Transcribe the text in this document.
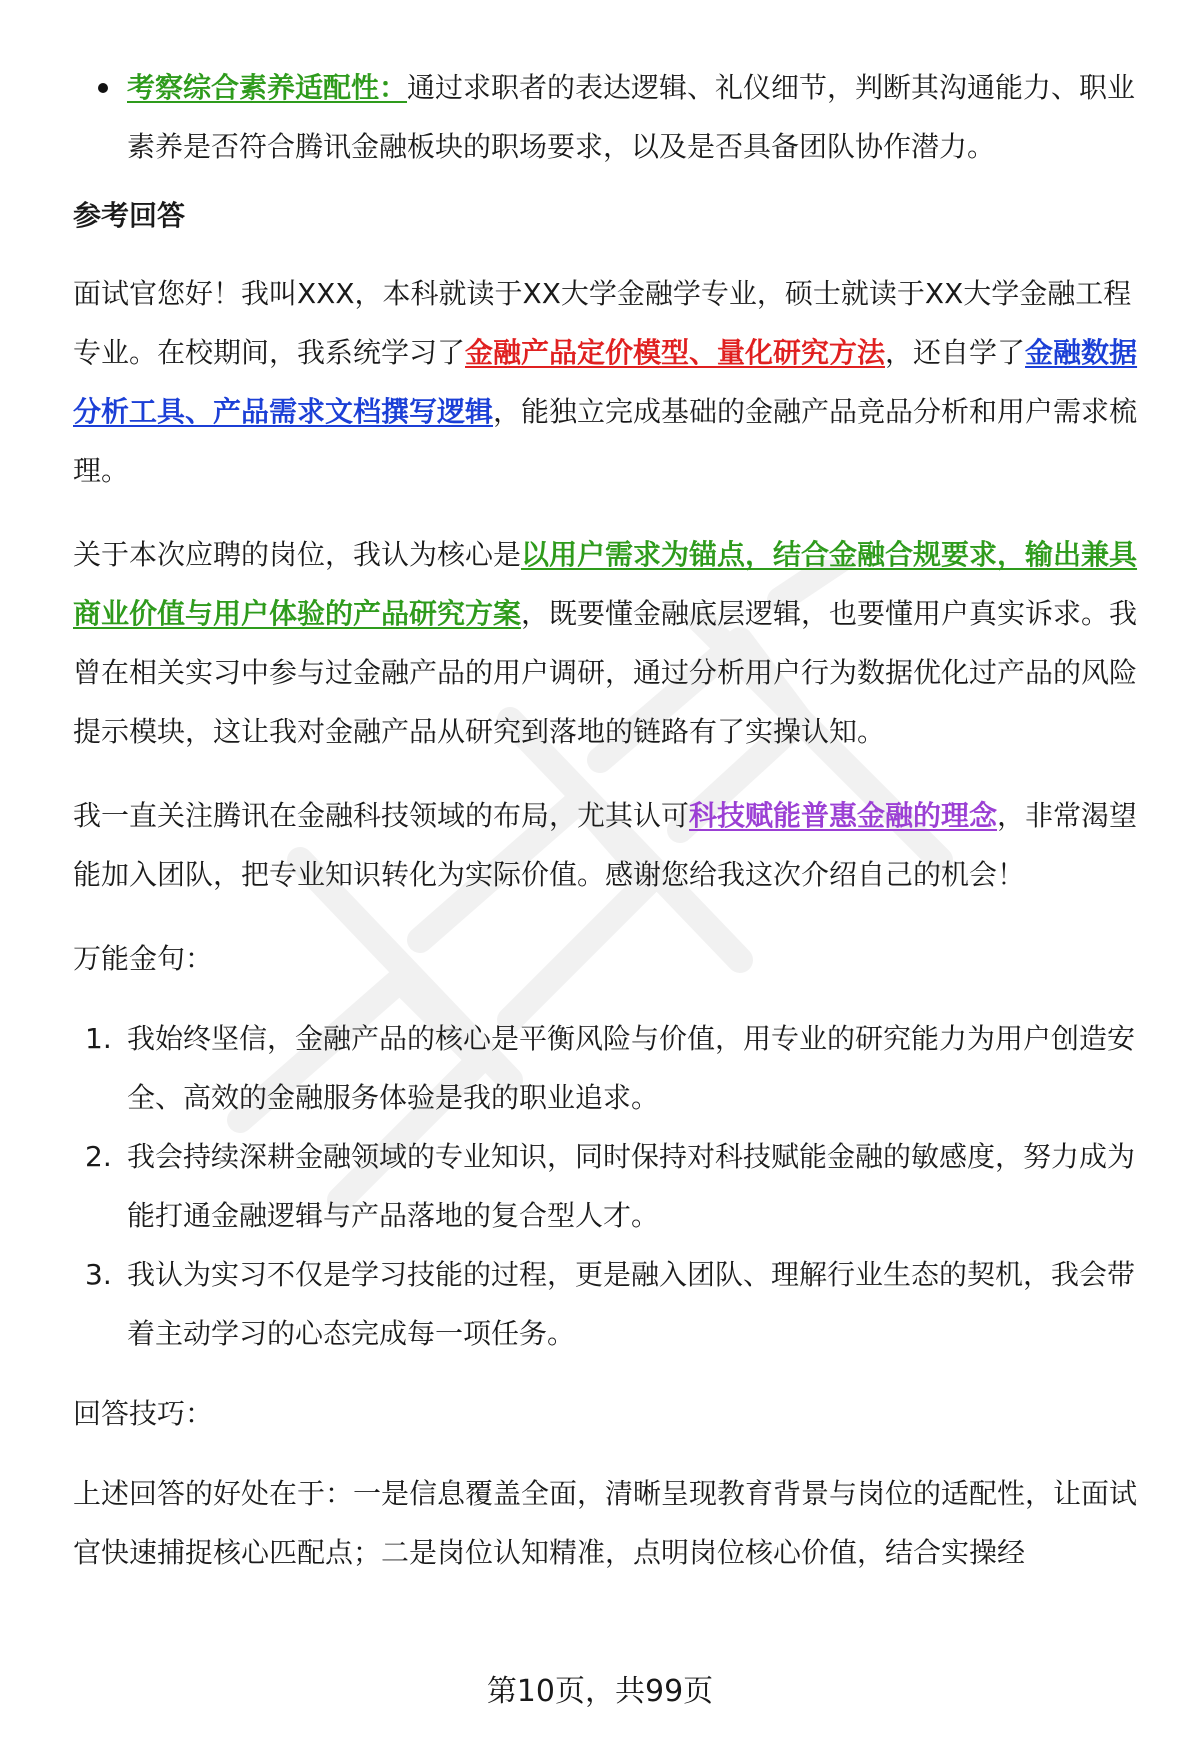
考察综合素养适配性：通过求职者的表达逻辑、礼仪细节，判断其沟通能力、职业素养是否符合腾讯金融板块的职场要求，以及是否具备团队协作潜力。

参考回答

面试官您好！我叫XXX，本科就读于XX大学金融学专业，硕士就读于XX大学金融工程专业。在校期间，我系统学习了金融产品定价模型、量化研究方法，还自学了金融数据分析工具、产品需求文档撰写逻辑，能独立完成基础的金融产品竞品分析和用户需求梳理。

关于本次应聘的岗位，我认为核心是以用户需求为锚点，结合金融合规要求，输出兼具商业价值与用户体验的产品研究方案，既要懂金融底层逻辑，也要懂用户真实诉求。我曾在相关实习中参与过金融产品的用户调研，通过分析用户行为数据优化过产品的风险提示模块，这让我对金融产品从研究到落地的链路有了实操认知。

我一直关注腾讯在金融科技领域的布局，尤其认可科技赋能普惠金融的理念，非常渴望能加入团队，把专业知识转化为实际价值。感谢您给我这次介绍自己的机会！

万能金句：

1. 我始终坚信，金融产品的核心是平衡风险与价值，用专业的研究能力为用户创造安全、高效的金融服务体验是我的职业追求。

2. 我会持续深耕金融领域的专业知识，同时保持对科技赋能金融的敏感度，努力成为能打通金融逻辑与产品落地的复合型人才。

3. 我认为实习不仅是学习技能的过程，更是融入团队、理解行业生态的契机，我会带着主动学习的心态完成每一项任务。

回答技巧：

上述回答的好处在于：一是信息覆盖全面，清晰呈现教育背景与岗位的适配性，让面试官快速捕捉核心匹配点；二是岗位认知精准，点明岗位核心价值，结合实操经

第10页，共99页
